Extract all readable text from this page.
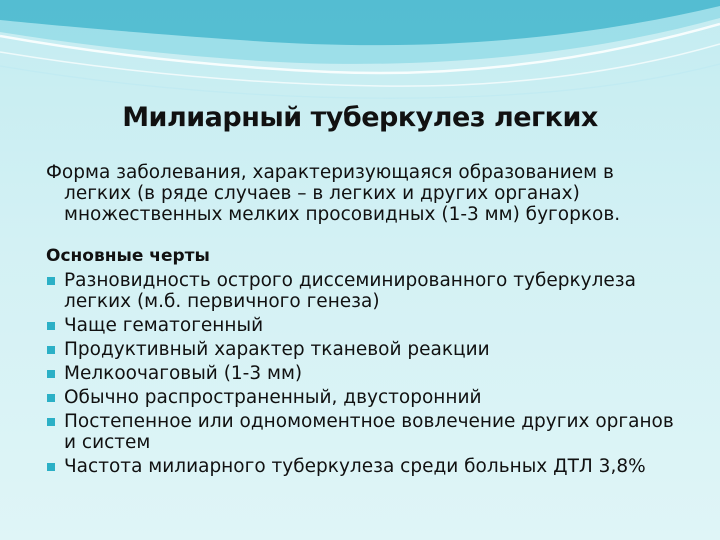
Милиарный туберкулез легких

Форма заболевания, характеризующаяся образованием в легких (в ряде случаев – в легких и других органах) множественных мелких просовидных (1-3 мм) бугорков.

Основные черты

Разновидность острого диссеминированного туберкулеза легких (м.б. первичного генеза)
Чаще гематогенный
Продуктивный характер тканевой реакции
Мелкоочаговый (1-3 мм)
Обычно распространенный, двусторонний
Постепенное или одномоментное вовлечение других органов и систем
Частота милиарного туберкулеза среди больных ДТЛ 3,8%
